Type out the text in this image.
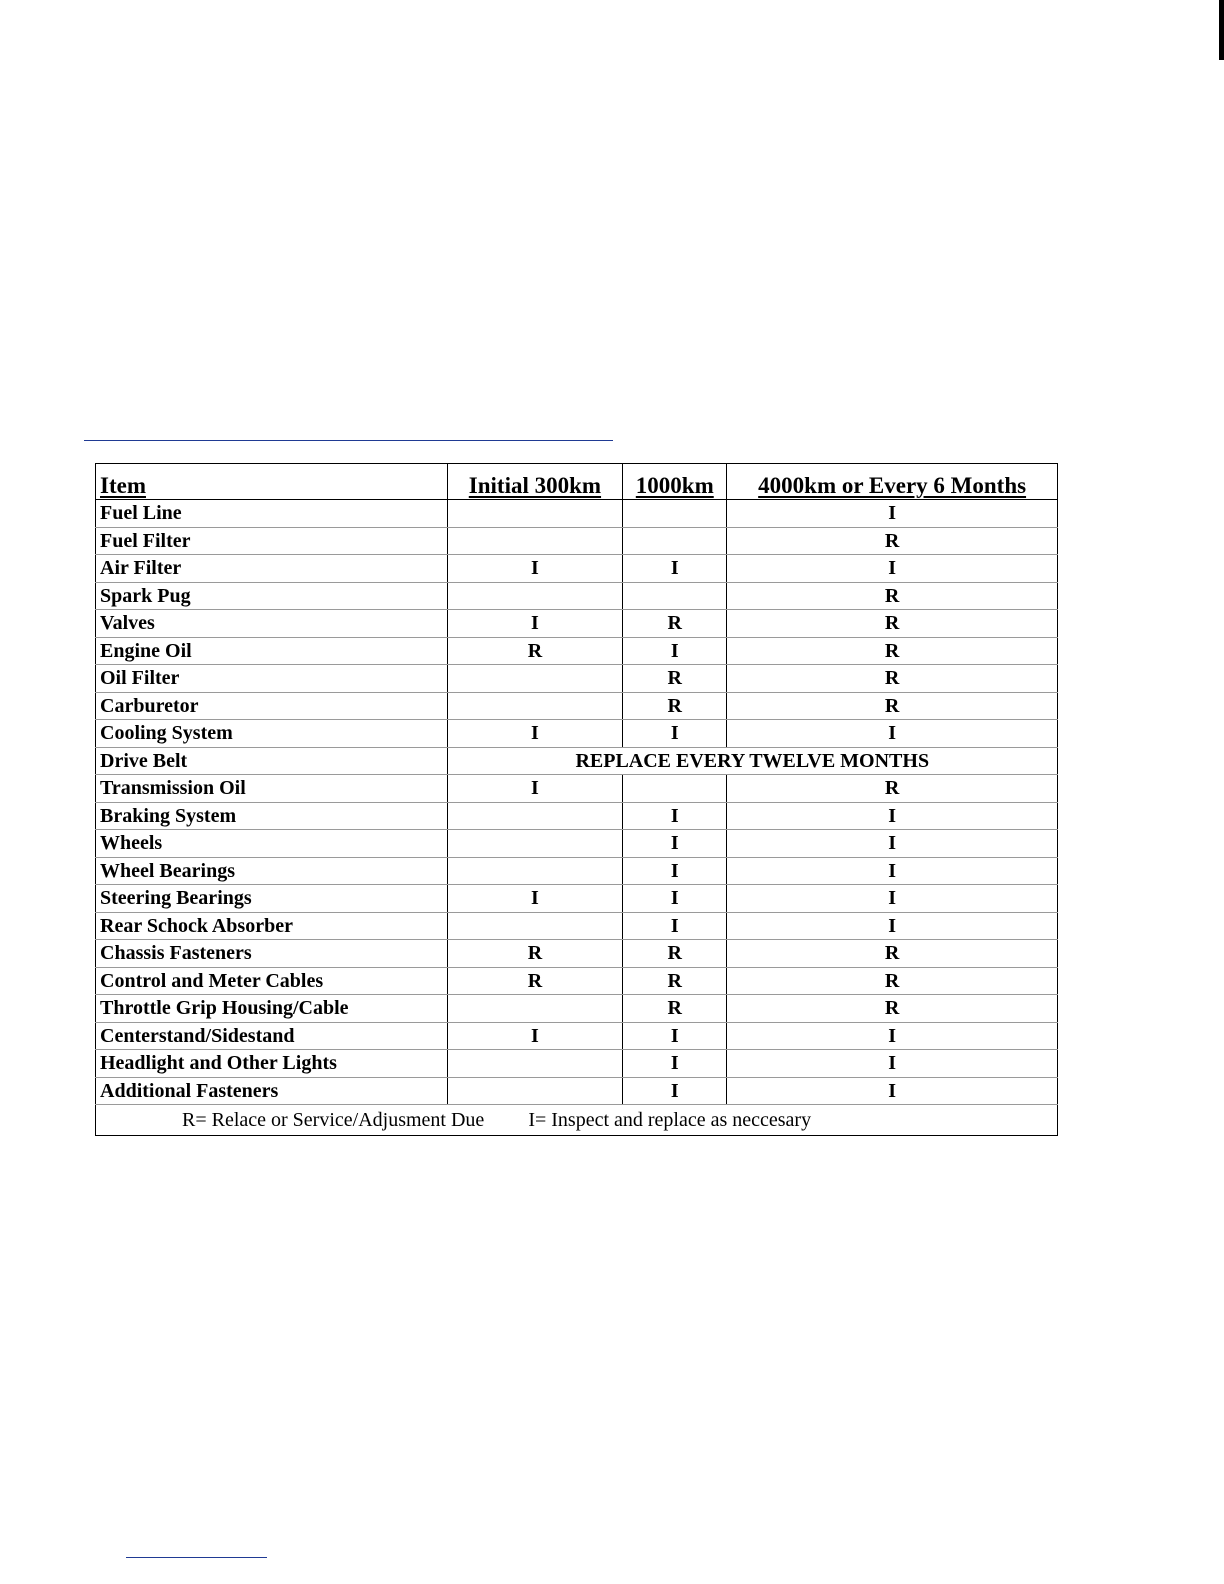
Item	Initial 300km	1000km	4000km or Every 6 Months
Fuel Line			I
Fuel Filter			R
Air Filter	I	I	I
Spark Pug			R
Valves	I	R	R
Engine Oil	R	I	R
Oil Filter		R	R
Carburetor		R	R
Cooling System	I	I	I
Drive Belt	REPLACE EVERY TWELVE MONTHS		
Transmission Oil	I		R
Braking System		I	I
Wheels		I	I
Wheel Bearings		I	I
Steering Bearings	I	I	I
Rear Schock Absorber		I	I
Chassis Fasteners	R	R	R
Control and Meter Cables	R	R	R
Throttle Grip Housing/Cable		R	R
Centerstand/Sidestand	I	I	I
Headlight and Other Lights		I	I
Additional Fasteners		I	I
R= Relace or Service/Adjusment Due I= Inspect and replace as neccesary			
